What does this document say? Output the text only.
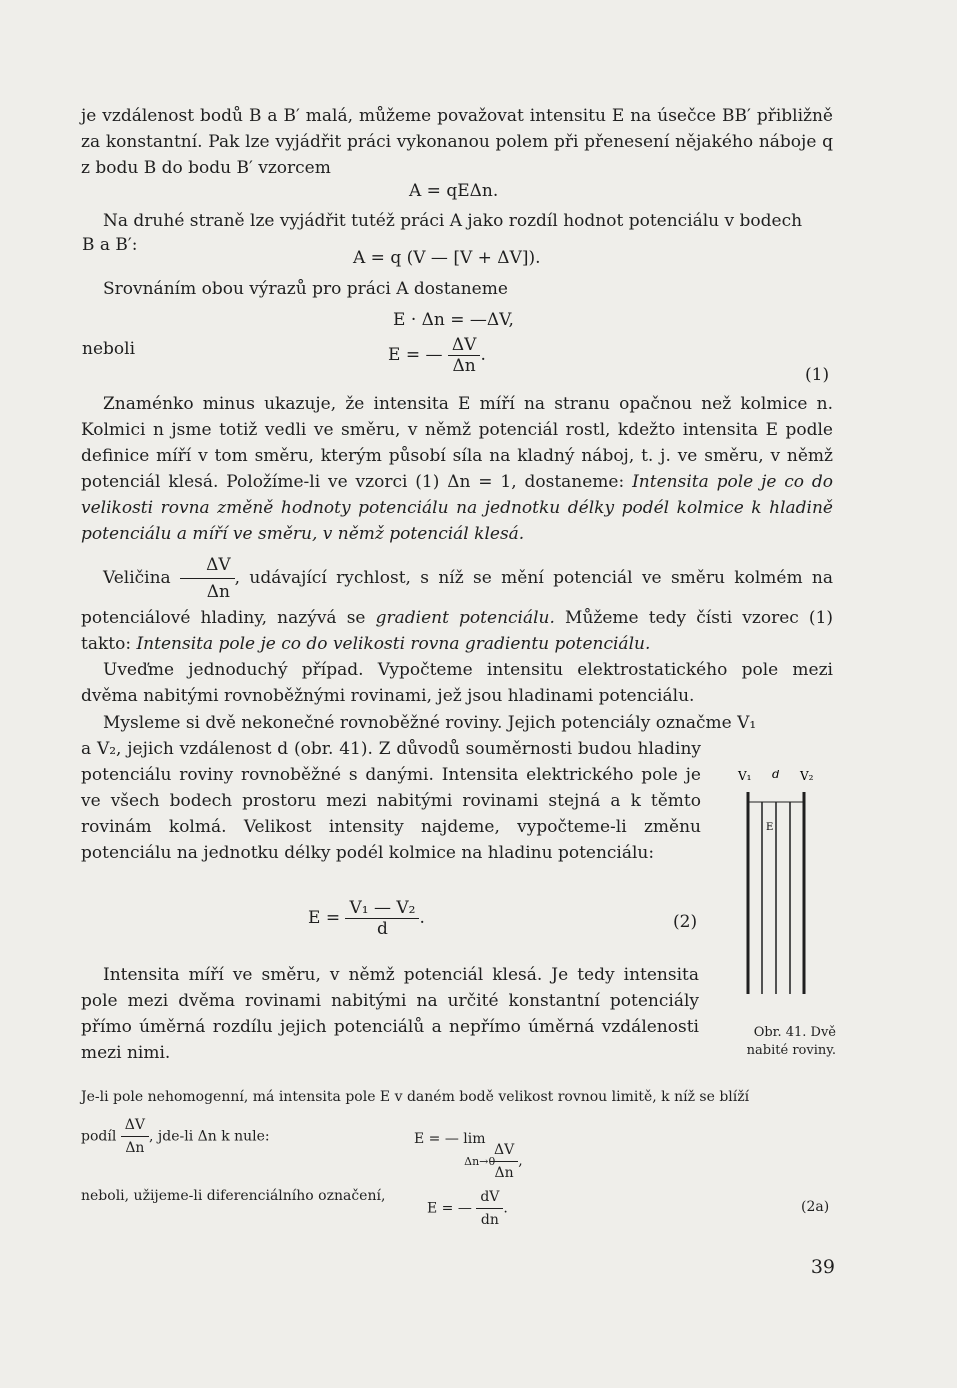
je vzdálenost bodů B a B′ malá, můžeme považovat intensitu E na úsečce BB′ přibližně za konstantní. Pak lze vyjádřit práci vykonanou polem při přenesení nějakého náboje q z bodu B do bodu B′ vzorcem

A = qEΔn.

Na druhé straně lze vyjádřit tutéž práci A jako rozdíl hodnot potenciálu v bodech

B a B′:
A = q (V — [V + ΔV]).

Srovnáním obou výrazů pro práci A dostaneme

E · Δn = —ΔV,
neboli	E = — $\frac{\Delta V}{\Delta n}$ .
(1)

Znaménko minus ukazuje, že intensita E míří na stranu opačnou než kolmice n. Kolmici n jsme totiž vedli ve směru, v němž potenciál rostl, kdežto intensita E podle definice míří v tom směru, kterým působí síla na kladný náboj, t. j. ve směru, v němž potenciál klesá. Položíme-li ve vzorci (1) Δn = 1, dostaneme: Intensita pole je co do velikosti rovna změně hodnoty potenciálu na jednotku délky podél kolmice k hladině potenciálu a míří ve směru, v němž potenciál klesá.

Veličina $\frac{\Delta V}{\Delta n}$ , udávající rychlost, s níž se mění potenciál ve směru kolmém na potenciálové hladiny, nazývá se gradient potenciálu. Můžeme tedy čísti vzorec (1) takto: Intensita pole je co do velikosti rovna gradientu potenciálu.

Uveďme jednoduchý případ. Vypočteme intensitu elektrostatického pole mezi dvěma nabitými rovnoběžnými rovinami, jež jsou hladinami potenciálu.

Mysleme si dvě nekonečné rovnoběžné roviny. Jejich potenciály označme V₁

a V₂, jejich vzdálenost d (obr. 41). Z důvodů souměrnosti budou hladiny potenciálu roviny rovnoběžné s danými. Intensita elektrického pole je ve všech bodech prostoru mezi nabitými rovinami stejná a k těmto rovinám kolmá. Velikost intensity najdeme, vypočteme-li změnu potenciálu na jednotku délky podél kolmice na hladinu potenciálu:

$E = \frac{\text{V₁ — V₂}}{d}$ .	(2)

Intensita míří ve směru, v němž potenciál klesá. Je tedy intensita pole mezi dvěma rovinami nabitými na určité konstantní potenciály přímo úměrná rozdílu jejich potenciálů a nepřímo úměrná vzdálenosti mezi nimi.

V₁ d V₂
E
Obr. 41. Dvě nabité roviny.

Je-li pole nehomogenní, má intensita pole E v daném bodě velikost rovnou limitě, k níž se blíží

podíl $\frac{\Delta V}{\Delta n}$ , jde-li Δn k nule:	E = — lim
Δn→0
$\frac{\Delta V}{\Delta n}$ ,

neboli, užijeme-li diferenciálního označení,

E = — $\frac{dV}{dn}$ .	(2a)
39
